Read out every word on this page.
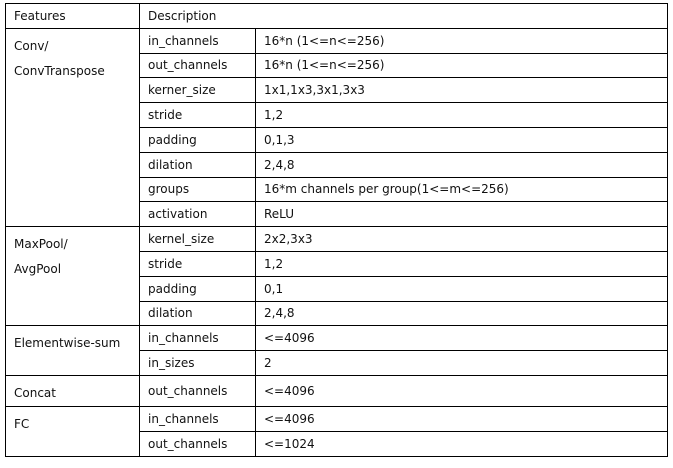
Features	Description	

Conv/
ConvTranspose	in_channels	16*n (1<=n<=256)
	out_channels	16*n (1<=n<=256)
	kerner_size	1x1,1x3,3x1,3x3
	stride	1,2
	padding	0,1,3
	dilation	2,4,8
	groups	16*m channels per group(1<=m<=256)
	activation	ReLU

MaxPool/
AvgPool	kernel_size	2x2,3x3
	stride	1,2
	padding	0,1
	dilation	2,4,8

Elementwise-sum	in_channels	<=4096
	in_sizes	2

Concat	out_channels	<=4096

FC	in_channels	<=4096
	out_channels	<=1024
